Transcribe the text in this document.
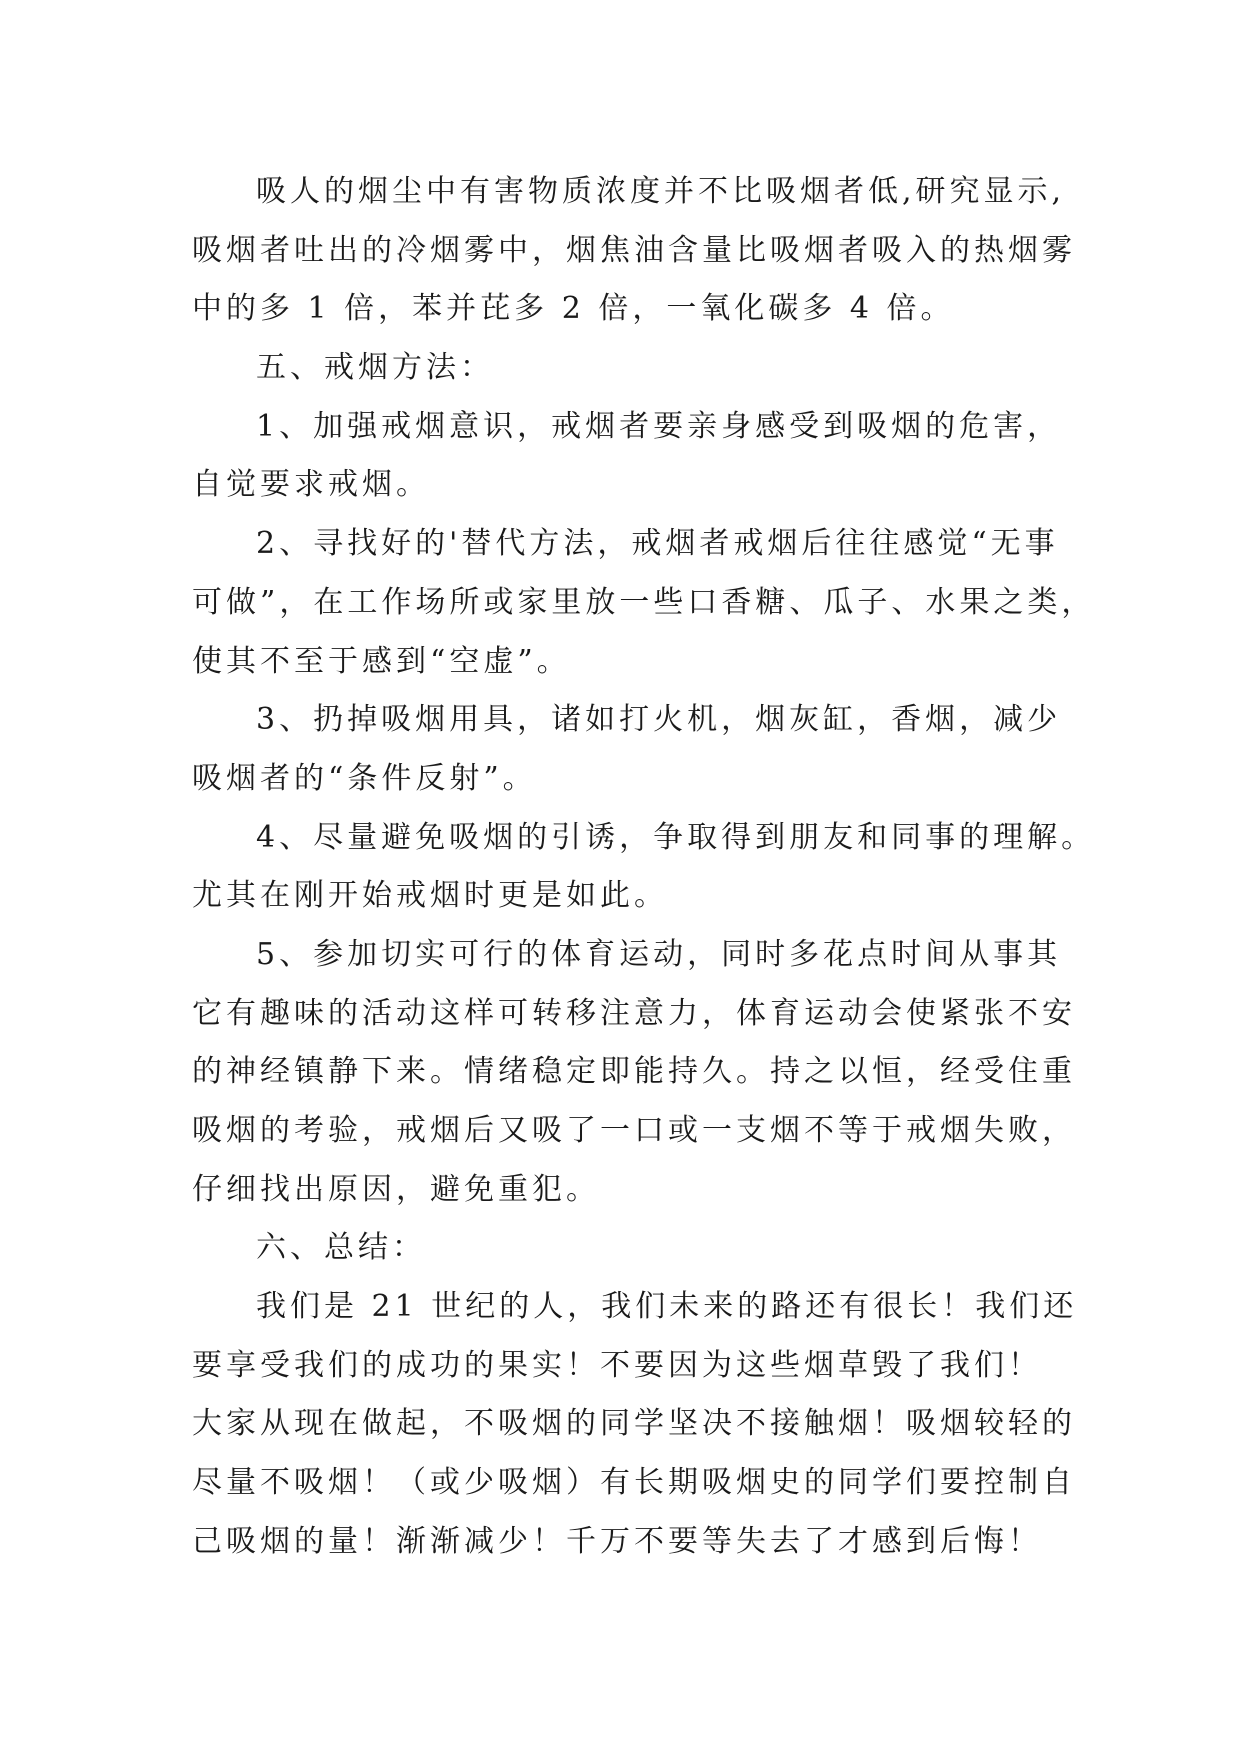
吸人的烟尘中有害物质浓度并不比吸烟者低,研究显示,
吸烟者吐出的冷烟雾中，烟焦油含量比吸烟者吸入的热烟雾
中的多 1 倍，苯并芘多 2 倍，一氧化碳多 4 倍。
五、戒烟方法：
1、加强戒烟意识，戒烟者要亲身感受到吸烟的危害，
自觉要求戒烟。
2、寻找好的'替代方法，戒烟者戒烟后往往感觉“无事
可做”，在工作场所或家里放一些口香糖、瓜子、水果之类，
使其不至于感到“空虚”。
3、扔掉吸烟用具，诸如打火机，烟灰缸，香烟，减少
吸烟者的“条件反射”。
4、尽量避免吸烟的引诱，争取得到朋友和同事的理解。
尤其在刚开始戒烟时更是如此。
5、参加切实可行的体育运动，同时多花点时间从事其
它有趣味的活动这样可转移注意力，体育运动会使紧张不安
的神经镇静下来。情绪稳定即能持久。持之以恒，经受住重
吸烟的考验，戒烟后又吸了一口或一支烟不等于戒烟失败，
仔细找出原因，避免重犯。
六、总结：
我们是 21 世纪的人，我们未来的路还有很长！我们还
要享受我们的成功的果实！不要因为这些烟草毁了我们！
大家从现在做起，不吸烟的同学坚决不接触烟！吸烟较轻的
尽量不吸烟！（或少吸烟）有长期吸烟史的同学们要控制自
己吸烟的量！渐渐减少！千万不要等失去了才感到后悔！
